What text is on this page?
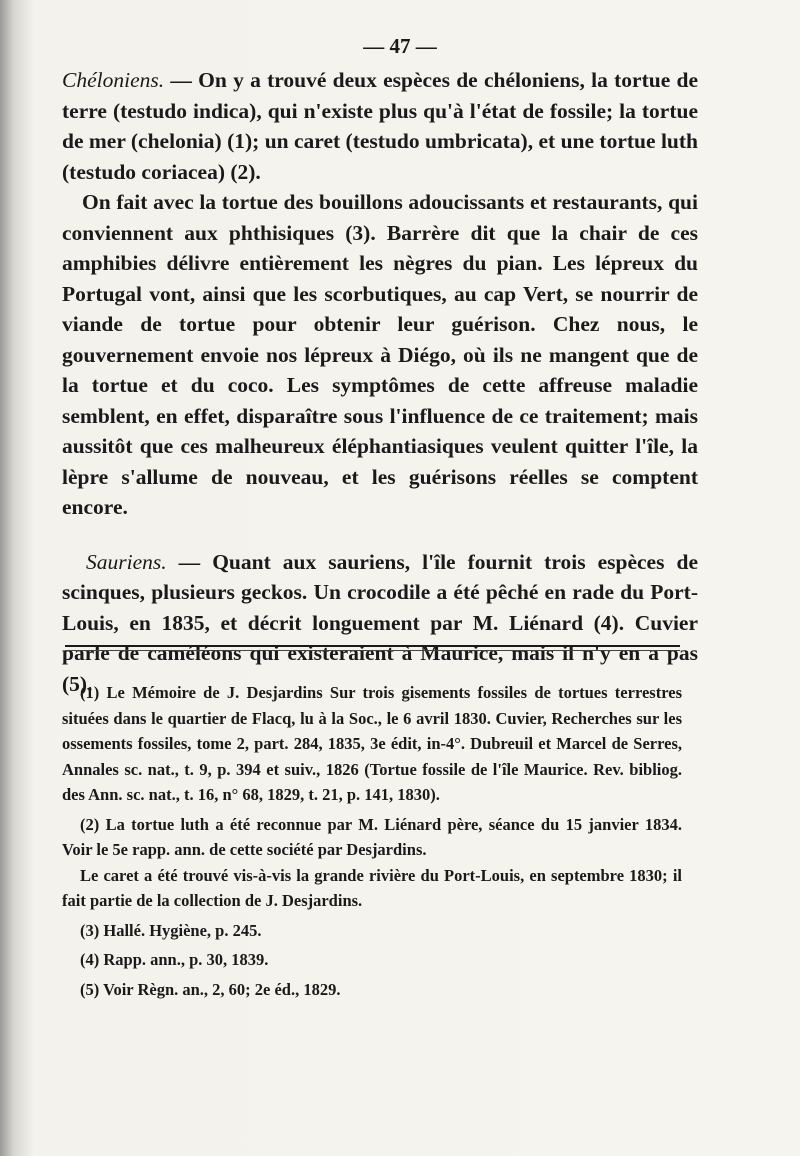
— 47 —

Chéloniens. — On y a trouvé deux espèces de chéloniens, la tortue de terre (testudo indica), qui n'existe plus qu'à l'état de fossile; la tortue de mer (chelonia) (1); un caret (testudo umbricata), et une tortue luth (testudo coriacea) (2).

On fait avec la tortue des bouillons adoucissants et restaurants, qui conviennent aux phthisiques (3). Barrère dit que la chair de ces amphibies délivre entièrement les nègres du pian. Les lépreux du Portugal vont, ainsi que les scorbutiques, au cap Vert, se nourrir de viande de tortue pour obtenir leur guérison. Chez nous, le gouvernement envoie nos lépreux à Diégo, où ils ne mangent que de la tortue et du coco. Les symptômes de cette affreuse maladie semblent, en effet, disparaître sous l'influence de ce traitement; mais aussitôt que ces malheureux éléphantiasiques veulent quitter l'île, la lèpre s'allume de nouveau, et les guérisons réelles se comptent encore.

Sauriens. — Quant aux sauriens, l'île fournit trois espèces de scinques, plusieurs geckos. Un crocodile a été pêché en rade du Port-Louis, en 1835, et décrit longuement par M. Liénard (4). Cuvier parle de caméléons qui existeraient à Maurice, mais il n'y en a pas (5).

(1) Le Mémoire de J. Desjardins Sur trois gisements fossiles de tortues terrestres situées dans le quartier de Flacq, lu à la Soc., le 6 avril 1830. Cuvier, Recherches sur les ossements fossiles, tome 2, part. 284, 1835, 3e édit, in-4°. Dubreuil et Marcel de Serres, Annales sc. nat., t. 9, p. 394 et suiv., 1826 (Tortue fossile de l'île Maurice. Rev. bibliog. des Ann. sc. nat., t. 16, n° 68, 1829, t. 21, p. 141, 1830).

(2) La tortue luth a été reconnue par M. Liénard père, séance du 15 janvier 1834. Voir le 5e rapp. ann. de cette société par Desjardins.

Le caret a été trouvé vis-à-vis la grande rivière du Port-Louis, en septembre 1830; il fait partie de la collection de J. Desjardins.

(3) Hallé. Hygiène, p. 245.

(4) Rapp. ann., p. 30, 1839.

(5) Voir Règn. an., 2, 60; 2e éd., 1829.
